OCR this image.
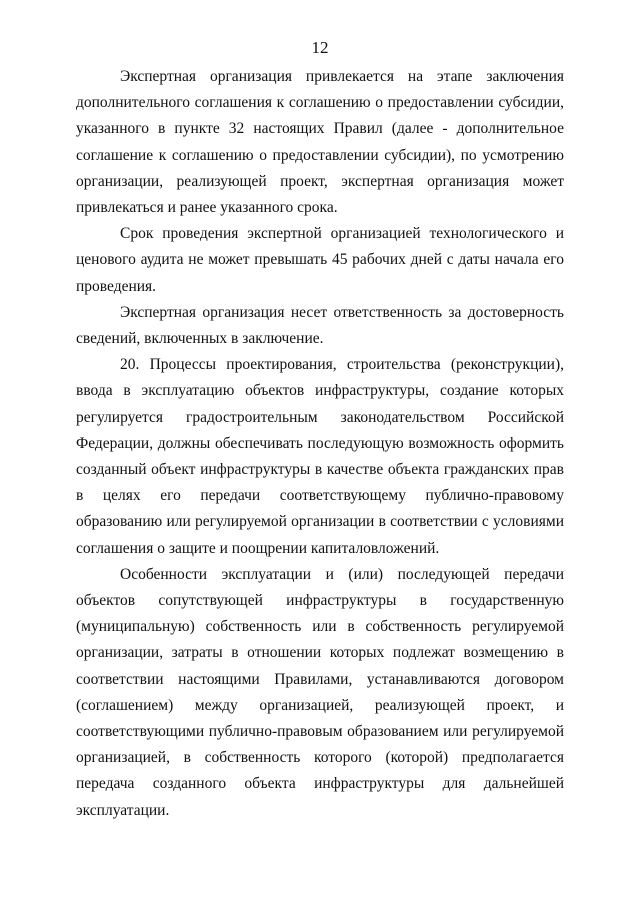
12

Экспертная организация привлекается на этапе заключения дополнительного соглашения к соглашению о предоставлении субсидии, указанного в пункте 32 настоящих Правил (далее - дополнительное соглашение к соглашению о предоставлении субсидии), по усмотрению организации, реализующей проект, экспертная организация может привлекаться и ранее указанного срока.

Срок проведения экспертной организацией технологического и ценового аудита не может превышать 45 рабочих дней с даты начала его проведения.

Экспертная организация несет ответственность за достоверность сведений, включенных в заключение.

20. Процессы проектирования, строительства (реконструкции), ввода в эксплуатацию объектов инфраструктуры, создание которых регулируется градостроительным законодательством Российской Федерации, должны обеспечивать последующую возможность оформить созданный объект инфраструктуры в качестве объекта гражданских прав в целях его передачи соответствующему публично-правовому образованию или регулируемой организации в соответствии с условиями соглашения о защите и поощрении капиталовложений.

Особенности эксплуатации и (или) последующей передачи объектов сопутствующей инфраструктуры в государственную (муниципальную) собственность или в собственность регулируемой организации, затраты в отношении которых подлежат возмещению в соответствии настоящими Правилами, устанавливаются договором (соглашением) между организацией, реализующей проект, и соответствующими публично-правовым образованием или регулируемой организацией, в собственность которого (которой) предполагается передача созданного объекта инфраструктуры для дальнейшей эксплуатации.
